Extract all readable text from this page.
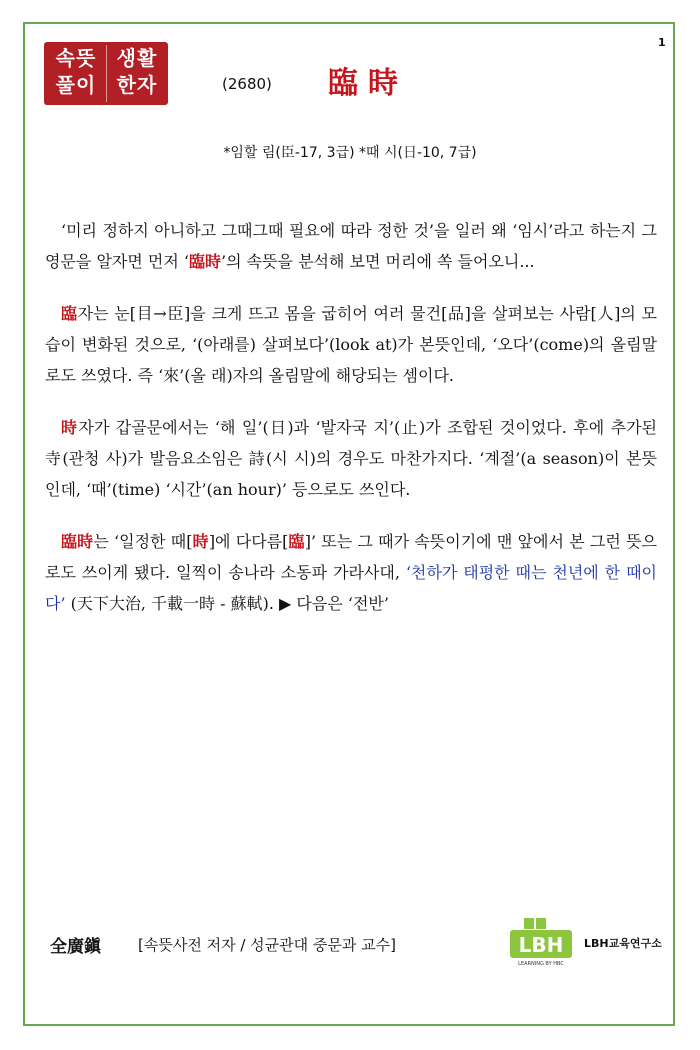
1
속뜻
풀이
생활
한자	(2680) 臨時
*임할 림(臣-17, 3급) *때 시(日-10, 7급)

‘미리 정하지 아니하고 그때그때 필요에 따라 정한 것’을 일러 왜 ‘임시’라고 하는지 그 영문을 알자면 먼저 ‘臨時’의 속뜻을 분석해 보면 머리에 쏙 들어오니...

臨자는 눈[目→臣]을 크게 뜨고 몸을 굽히어 여러 물건[品]을 살펴보는 사람[人]의 모습이 변화된 것으로, ‘(아래를) 살펴보다’(look at)가 본뜻인데, ‘오다’(come)의 올림말로도 쓰였다. 즉 ‘來’(올 래)자의 올림말에 해당되는 셈이다.

時자가 갑골문에서는 ‘해 일’(日)과 ‘발자국 지’(止)가 조합된 것이었다. 후에 추가된 寺(관청 사)가 발음요소임은 詩(시 시)의 경우도 마찬가지다. ‘계절’(a season)이 본뜻인데, ‘때’(time) ‘시간’(an hour)’ 등으로도 쓰인다.

臨時는 ‘일정한 때[時]에 다다름[臨]’ 또는 그 때가 속뜻이기에 맨 앞에서 본 그런 뜻으로도 쓰이게 됐다. 일찍이 송나라 소동파 가라사대, ‘천하가 태평한 때는 천년에 한 때이다’ (天下大治, 千載一時 - 蘇軾). ▶ 다음은 ‘전반’

全廣鎭 [속뜻사전 저자 / 성균관대 중문과 교수]	LBH
LEARNING BY HBC
LBH교육연구소
